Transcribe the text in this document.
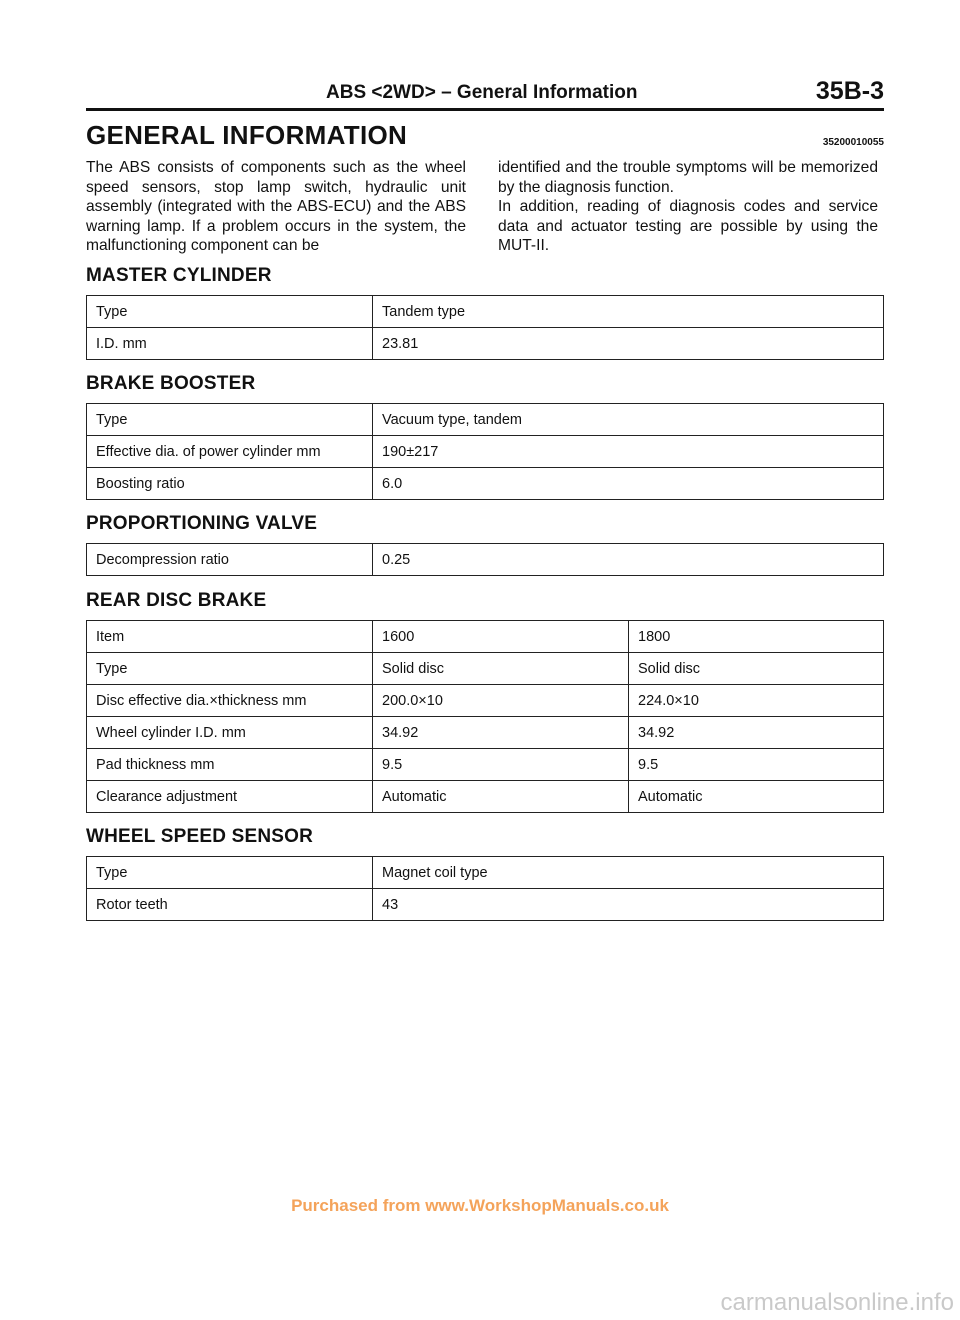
ABS <2WD> – General Information	35B-3
GENERAL INFORMATION	35200010055

The ABS consists of components such as the wheel speed sensors, stop lamp switch, hydraulic unit assembly (integrated with the ABS-ECU) and the ABS warning lamp. If a problem occurs in the system, the malfunctioning component can be

identified and the trouble symptoms will be memorized by the diagnosis function.

In addition, reading of diagnosis codes and service data and actuator testing are possible by using the MUT-II.

MASTER CYLINDER
Type	Tandem type
I.D. mm	23.81
BRAKE BOOSTER
Type	Vacuum type, tandem
Effective dia. of power cylinder mm	190±217
Boosting ratio	6.0
PROPORTIONING VALVE
Decompression ratio	0.25
REAR DISC BRAKE
Item	1600	1800
Type	Solid disc	Solid disc
Disc effective dia.×thickness mm	200.0×10	224.0×10
Wheel cylinder I.D. mm	34.92	34.92
Pad thickness mm	9.5	9.5
Clearance adjustment	Automatic	Automatic
WHEEL SPEED SENSOR
Type	Magnet coil type
Rotor teeth	43
Purchased from www.WorkshopManuals.co.uk
carmanualsonline.info
